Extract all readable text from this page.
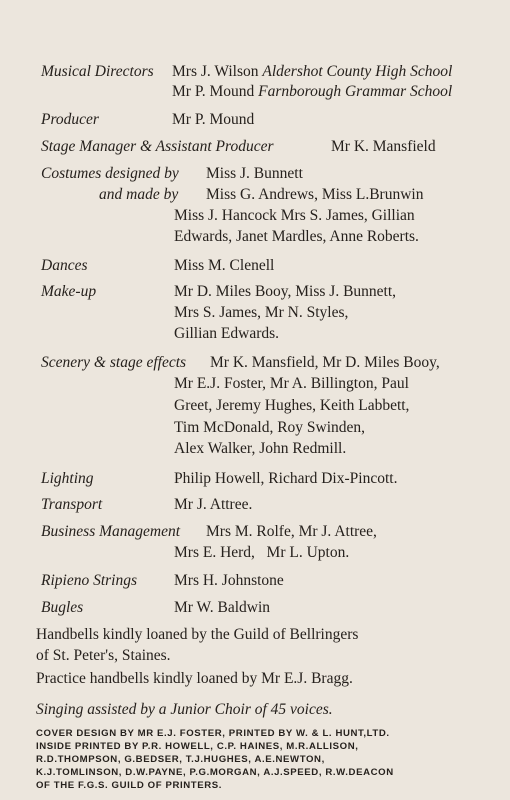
Musical Directors Mrs J. Wilson Aldershot County High School
Mr P. Mound Farnborough Grammar School
Producer	Mr P. Mound
Stage Manager & Assistant Producer	Mr K. Mansfield
Costumes designed by Miss J. Bunnett
and made by Miss G. Andrews, Miss L.Brunwin
Miss J. Hancock Mrs S. James, Gillian
Edwards, Janet Mardles, Anne Roberts.
Dances	Miss M. Clenell
Make-up	Mr D. Miles Booy, Miss J. Bunnett,
Mrs S. James, Mr N. Styles,
Gillian Edwards.
Scenery & stage effects Mr K. Mansfield, Mr D. Miles Booy,
Mr E.J. Foster, Mr A. Billington, Paul
Greet, Jeremy Hughes, Keith Labbett,
Tim McDonald, Roy Swinden,
Alex Walker, John Redmill.
Lighting	Philip Howell, Richard Dix-Pincott.
Transport	Mr J. Attree.
Business Management Mrs M. Rolfe, Mr J. Attree,
Mrs E. Herd,   Mr L. Upton.
Ripieno Strings Mrs H. Johnstone
Bugles	Mr W. Baldwin
Handbells kindly loaned by the Guild of Bellringers
of St. Peter's, Staines.
Practice handbells kindly loaned by Mr E.J. Bragg.
Singing assisted by a Junior Choir of 45 voices.
COVER DESIGN BY MR E.J. FOSTER, PRINTED BY W. & L. HUNT,LTD.
INSIDE PRINTED BY P.R. HOWELL, C.P. HAINES, M.R.ALLISON,
R.D.THOMPSON, G.BEDSER, T.J.HUGHES, A.E.NEWTON,
K.J.TOMLINSON, D.W.PAYNE, P.G.MORGAN, A.J.SPEED, R.W.DEACON
OF THE F.G.S. GUILD OF PRINTERS.
